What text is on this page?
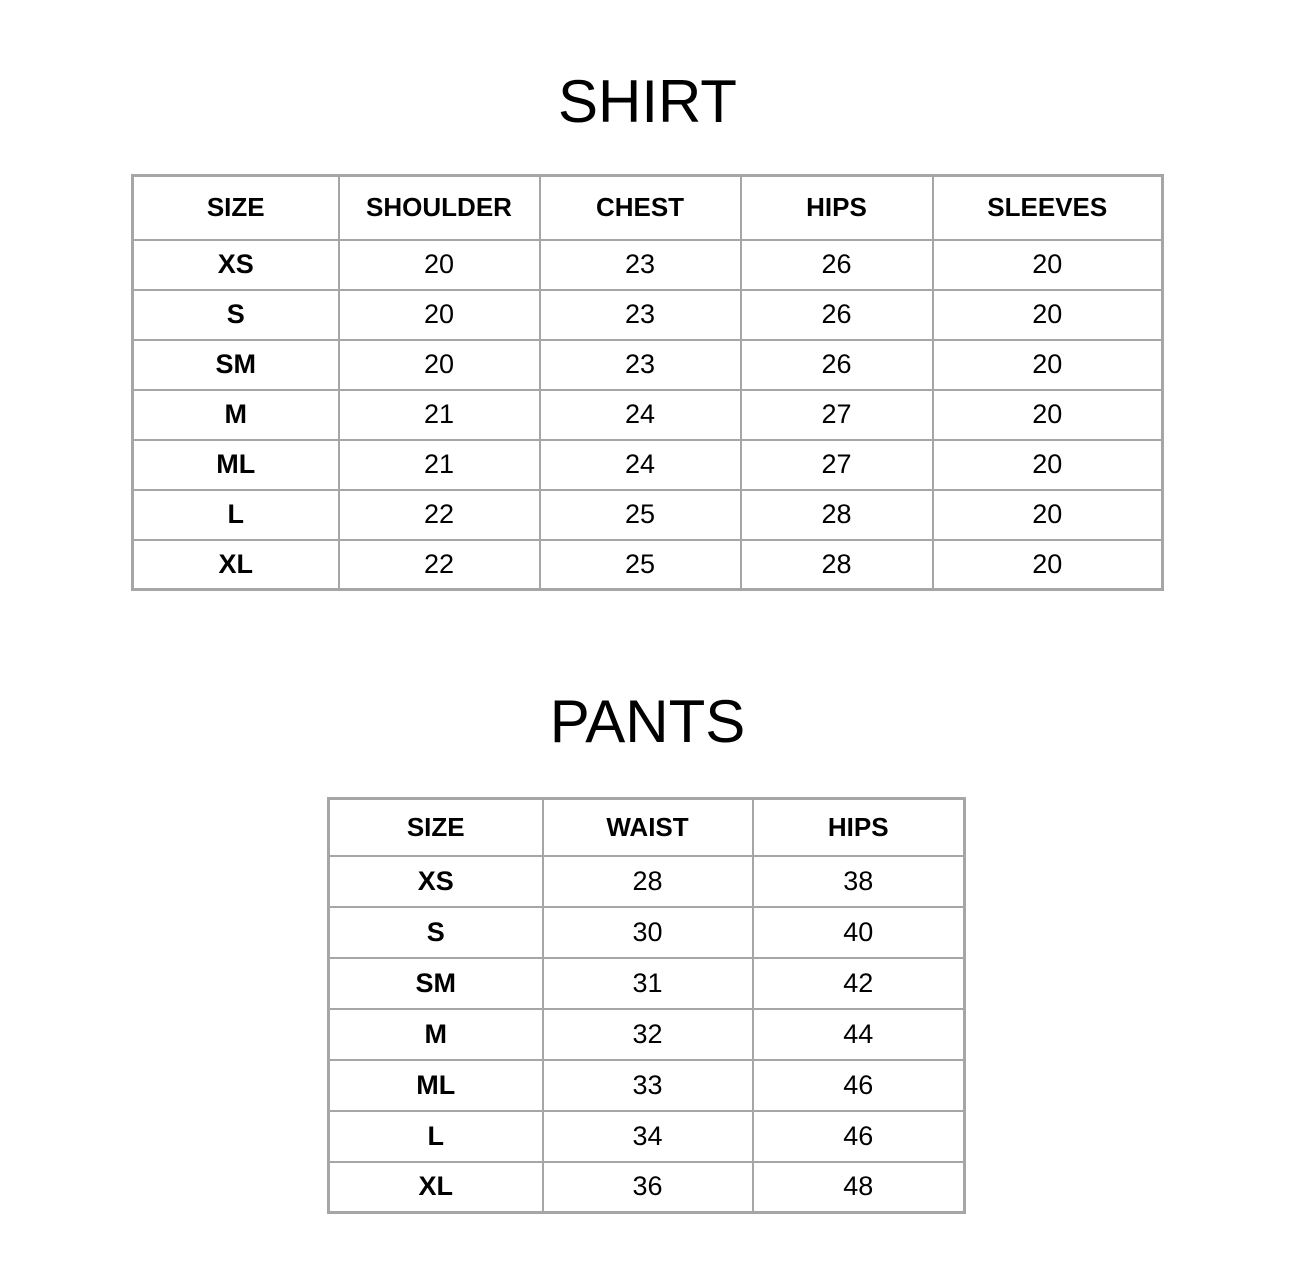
SHIRT
SIZE	SHOULDER	CHEST	HIPS	SLEEVES
XS	20	23	26	20
S	20	23	26	20
SM	20	23	26	20
M	21	24	27	20
ML	21	24	27	20
L	22	25	28	20
XL	22	25	28	20
PANTS
SIZE	WAIST	HIPS
XS	28	38
S	30	40
SM	31	42
M	32	44
ML	33	46
L	34	46
XL	36	48
